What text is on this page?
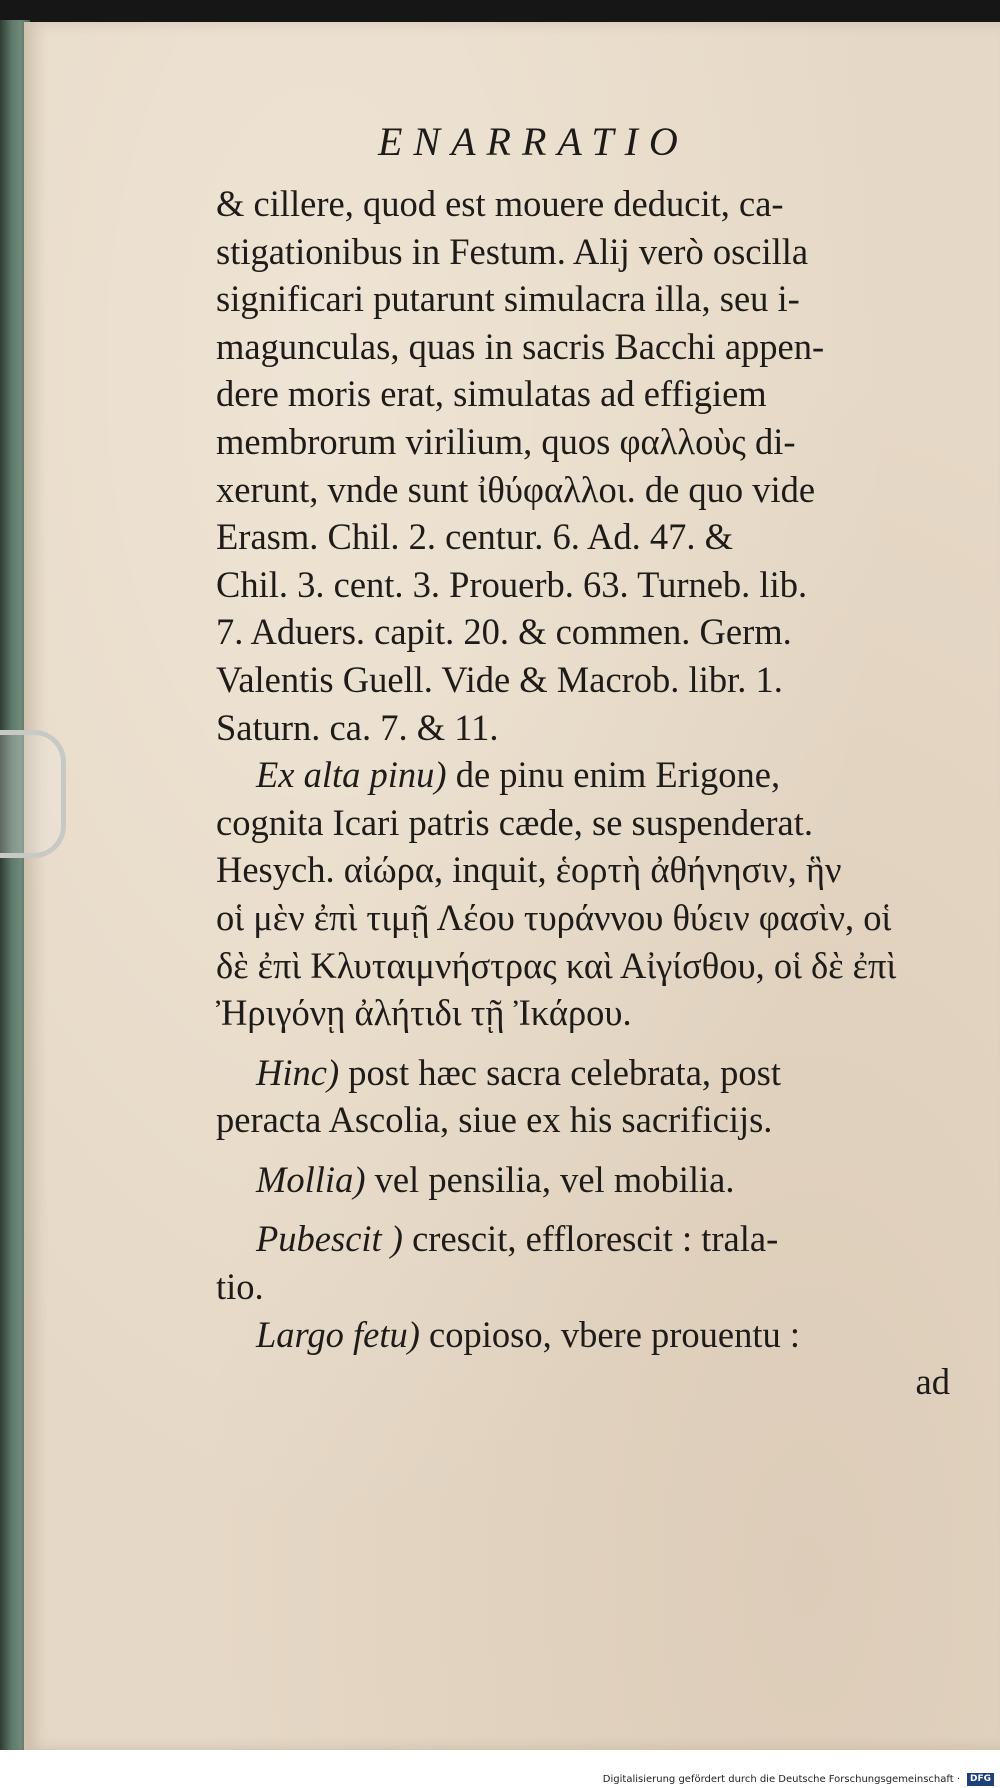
ENARRATIO
& cillere, quod est mouere deducit, ca-
stigationibus in Festum. Alij verò oscilla
significari putarunt simulacra illa, seu i-
magunculas, quas in sacris Bacchi appen-
dere moris erat, simulatas ad effigiem
membrorum virilium, quos φαλλοὺς di-
xerunt, vnde sunt ἰθύφαλλοι. de quo vide
Erasm. Chil. 2. centur. 6. Ad. 47. &
Chil. 3. cent. 3. Prouerb. 63. Turneb. lib.
7. Aduers. capit. 20. & commen. Germ.
Valentis Guell. Vide & Macrob. libr. 1.
Saturn. ca. 7. & 11.
Ex alta pinu) de pinu enim Erigone,
cognita Icari patris cæde, se suspenderat.
Hesych. αἰώρα, inquit, ἑορτὴ ἀθήνησιν, ἣν
οἱ μὲν ἐπὶ τιμῇ Λέου τυράννου θύειν φασὶν, οἱ
δὲ ἐπὶ Κλυταιμνήστρας καὶ Αἰγίσθου, οἱ δὲ ἐπὶ
Ἠριγόνῃ ἀλήτιδι τῇ Ἰκάρου.
Hinc) post hæc sacra celebrata, post
peracta Ascolia, siue ex his sacrificijs.
Mollia) vel pensilia, vel mobilia.
Pubescit ) crescit, efflorescit : trala-
tio.
Largo fetu) copioso, vbere prouentu :
ad
Digitalisierung gefördert durch die Deutsche Forschungsgemeinschaft ·	DFG
